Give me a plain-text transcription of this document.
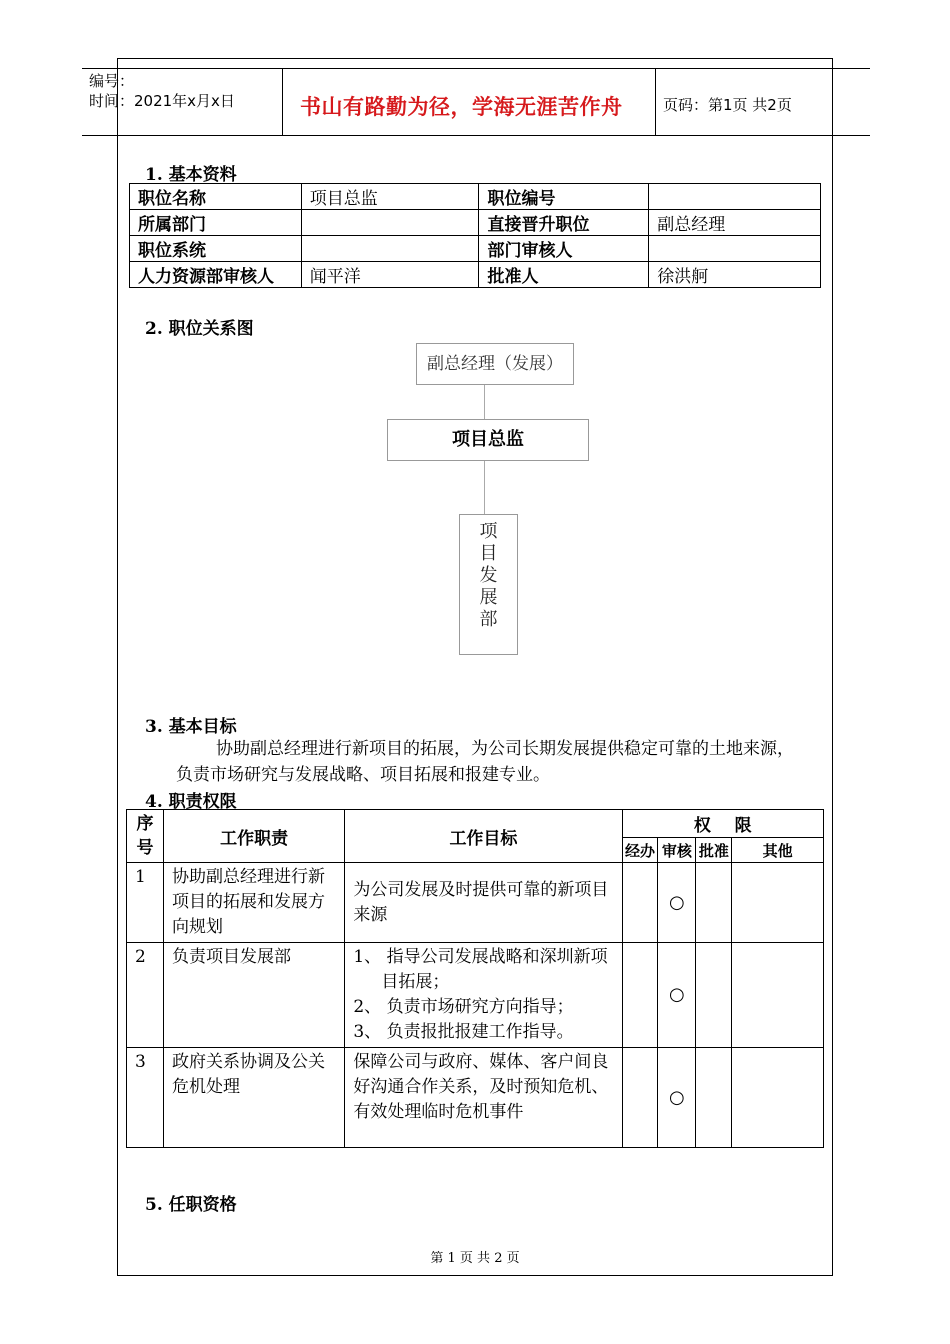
编号：
时间：2021年x月x日	书山有路勤为径，学海无涯苦作舟	页码：第1页 共2页
1. 基本资料
职位名称	项目总监	职位编号	
所属部门		直接晋升职位	副总经理
职位系统		部门审核人	
人力资源部审核人	闻平洋	批准人	徐洪舸
2. 职位关系图
副总经理（发展）
项目总监
项目发展部
3. 基本目标
协助副总经理进行新项目的拓展，为公司长期发展提供稳定可靠的土地来源，负责市场研究与发展战略、项目拓展和报建专业。
4. 职责权限
序号	工作职责	工作目标	权    限			
			经办	审核	批准	其他
1	协助副总经理进行新项目的拓展和发展方向规划	为公司发展及时提供可靠的新项目来源		○		
2	负责项目发展部	1、 指导公司发展战略和深圳新项目拓展；
2、 负责市场研究方向指导；
3、 负责报批报建工作指导。		○		
3	政府关系协调及公关危机处理	保障公司与政府、媒体、客户间良好沟通合作关系，及时预知危机、有效处理临时危机事件		○		
5. 任职资格
第 1 页 共 2 页
